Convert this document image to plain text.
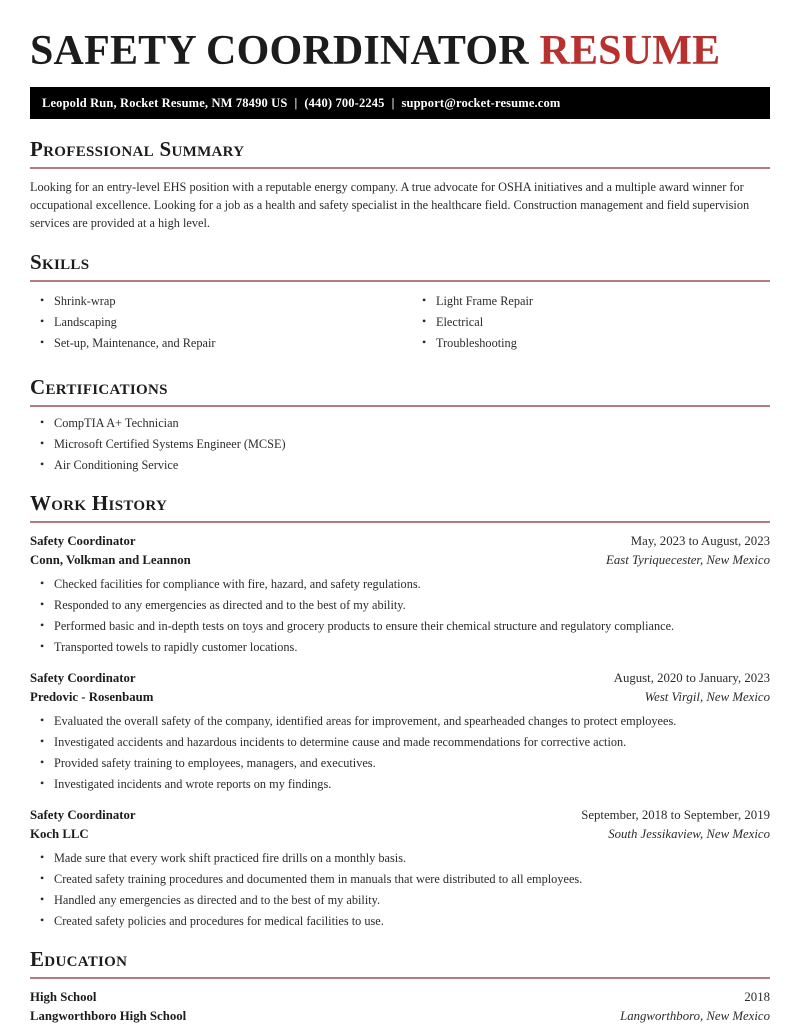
SAFETY COORDINATOR RESUME
Leopold Run, Rocket Resume, NM 78490 US | (440) 700-2245 | support@rocket-resume.com
Professional Summary

Looking for an entry-level EHS position with a reputable energy company. A true advocate for OSHA initiatives and a multiple award winner for occupational excellence. Looking for a job as a health and safety specialist in the healthcare field. Construction management and field supervision services are provided at a high level.

Skills
• Shrink-wrap
• Landscaping
• Set-up, Maintenance, and Repair
• Light Frame Repair
• Electrical
• Troubleshooting
Certifications
• CompTIA A+ Technician
• Microsoft Certified Systems Engineer (MCSE)
• Air Conditioning Service
Work History
Safety Coordinator	May, 2023 to August, 2023
Conn, Volkman and Leannon	East Tyriquecester, New Mexico
• Checked facilities for compliance with fire, hazard, and safety regulations.
• Responded to any emergencies as directed and to the best of my ability.
• Performed basic and in-depth tests on toys and grocery products to ensure their chemical structure and regulatory compliance.
• Transported towels to rapidly customer locations.
Safety Coordinator	August, 2020 to January, 2023
Predovic - Rosenbaum	West Virgil, New Mexico
• Evaluated the overall safety of the company, identified areas for improvement, and spearheaded changes to protect employees.
• Investigated accidents and hazardous incidents to determine cause and made recommendations for corrective action.
• Provided safety training to employees, managers, and executives.
• Investigated incidents and wrote reports on my findings.
Safety Coordinator	September, 2018 to September, 2019
Koch LLC	South Jessikaview, New Mexico
• Made sure that every work shift practiced fire drills on a monthly basis.
• Created safety training procedures and documented them in manuals that were distributed to all employees.
• Handled any emergencies as directed and to the best of my ability.
• Created safety policies and procedures for medical facilities to use.
Education
High School	2018
Langworthboro High School	Langworthboro, New Mexico
